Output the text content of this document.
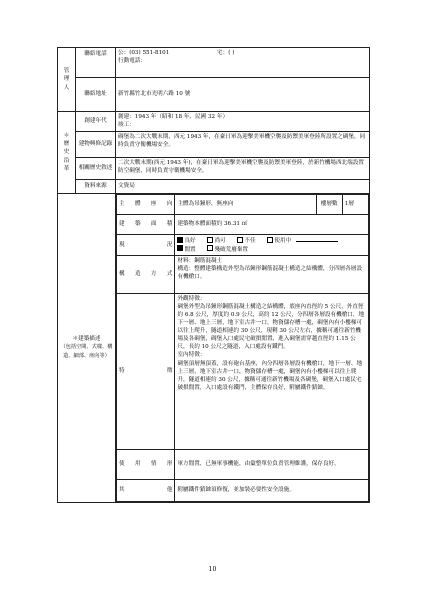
管理人
	聯絡電話	公：(03) 551-8101	宅：( )
行動電話：
聯絡地址	新竹縣竹北市光明六路 10 號

＊歷史沿革
	創建年代	創建：1943 年（昭和 18 年、民國 32 年）
竣工：
建物興修記錄	碉堡為二次大戰末期，西元 1943 年，在臺日軍為迎擊美軍機空襲及防禦美軍登陸所設置之碉堡，同時負責守衛機場安全。
相關歷史敘述	二次大戰末期(西元 1943 年)，在臺日軍為迎擊美軍機空襲及防禦美軍登陸，於新竹機場西北端設置防空碉堡，同時負責守衛機場安全。
資料來源	文資局
＊建築描述
（包括空間、式樣、構造、細部、座向等）	
主　體　座　向	主體為吊鐘形，無座向	樓層數	1層
建　築　面　積	建築物本體面積約 36.31 ㎡
現　　　　況	
良好	尚可	不佳	使用中
閒置	殘破荒廢棄置

構　造　方　式	
材料：鋼筋混凝土
構造：整體建築構造外型為吊鐘形鋼筋混凝土構造之結構體，分四層各層設有機槍口。

特　　　　徵	
外觀特徵：
碉堡外型為吊鐘形鋼筋混凝土構造之結構體，底座內直徑約 5 公尺，外直徑約 6.8 公尺，厚度約 0.9 公尺，高約 12 公尺，分四層各層設有機槍口，地下一層、地上三層，地下室古井一口，物資儲存槽一處，碉堡內有小樓梯可以往上爬升，隧道相連約 30 公尺，現剩 30 公尺左右，據稱可通往新竹機場及各碉堡，碉堡入口處民宅破損閒置，進入碉堡需穿越直徑約 1.15 公尺，長約 10 公尺之隧道，入口處設有鐵門。
室內特徵：
碉堡頂層無頂蓋，設有砲台基座，內分四層各層設有機槍口，地下一層、地上三層，地下室古井一口，物資儲存槽一處，碉堡內有小樓梯可以往上爬升，隧道相連約 30 公尺，據稱可通往新竹機場及各碉堡，碉堡入口處民宅破損閒置，入口處設有鐵門，主體保存良好，附屬鐵件錆蝕。

使　用　情　形	軍方閒置，已無軍事機能，由彙整單位負責管理維護，保存良好。
其　　　　他	附屬鐵件錆蝕須修復，並加裝必要性安全設施。
10
